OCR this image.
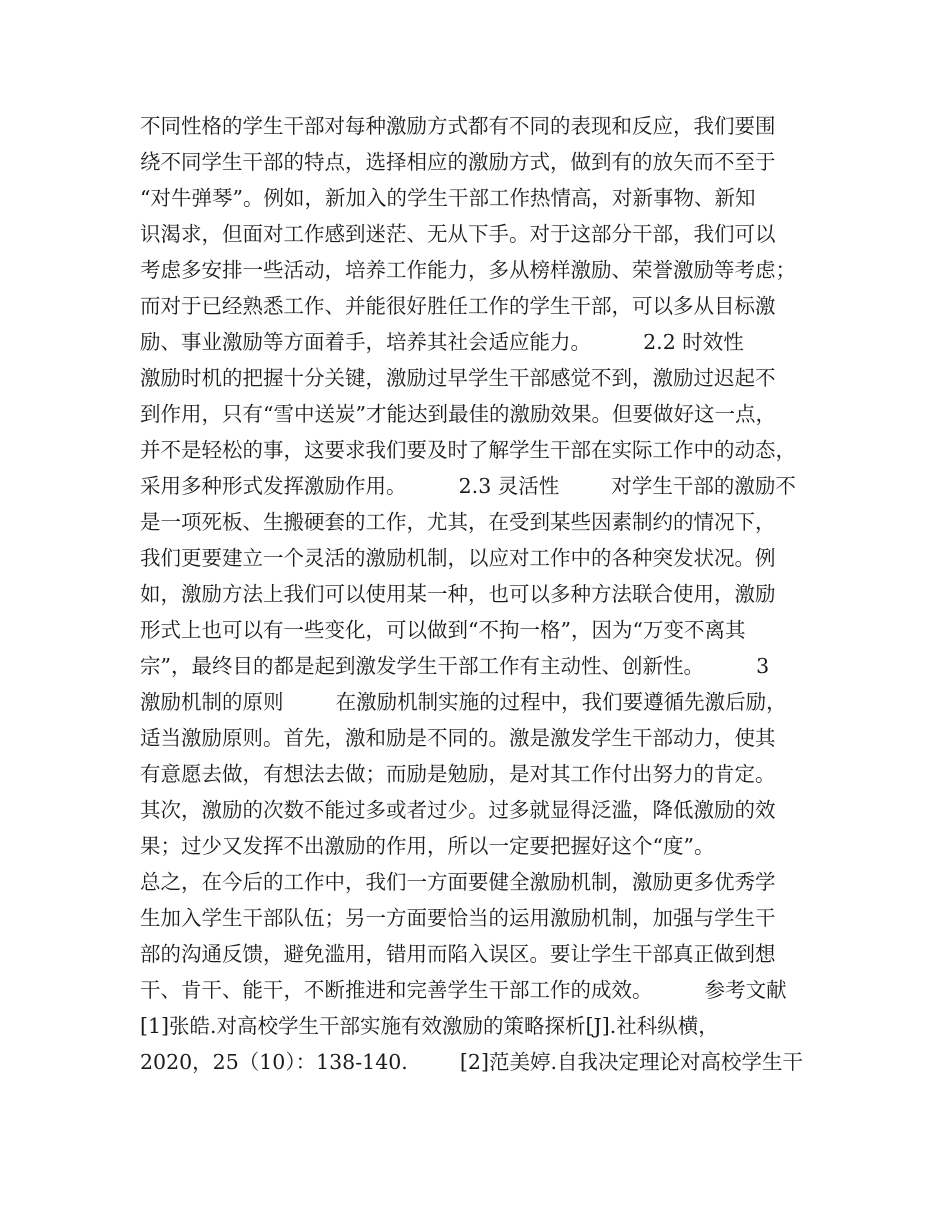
不同性格的学生干部对每种激励方式都有不同的表现和反应，我们要围
绕不同学生干部的特点，选择相应的激励方式，做到有的放矢而不至于
“对牛弹琴”。例如，新加入的学生干部工作热情高，对新事物、新知
识渴求，但面对工作感到迷茫、无从下手。对于这部分干部，我们可以
考虑多安排一些活动，培养工作能力，多从榜样激励、荣誉激励等考虑；
而对于已经熟悉工作、并能很好胜任工作的学生干部，可以多从目标激
励、事业激励等方面着手，培养其社会适应能力。        2.2 时效性
激励时机的把握十分关键，激励过早学生干部感觉不到，激励过迟起不
到作用，只有“雪中送炭”才能达到最佳的激励效果。但要做好这一点，
并不是轻松的事，这要求我们要及时了解学生干部在实际工作中的动态，
采用多种形式发挥激励作用。        2.3 灵活性        对学生干部的激励不
是一项死板、生搬硬套的工作，尤其，在受到某些因素制约的情况下，
我们更要建立一个灵活的激励机制，以应对工作中的各种突发状况。例
如，激励方法上我们可以使用某一种，也可以多种方法联合使用，激励
形式上也可以有一些变化，可以做到“不拘一格”，因为“万变不离其
宗”，最终目的都是起到激发学生干部工作有主动性、创新性。        3
激励机制的原则        在激励机制实施的过程中，我们要遵循先激后励，
适当激励原则。首先，激和励是不同的。激是激发学生干部动力，使其
有意愿去做，有想法去做；而励是勉励，是对其工作付出努力的肯定。
其次，激励的次数不能过多或者过少。过多就显得泛滥，降低激励的效
果；过少又发挥不出激励的作用，所以一定要把握好这个“度”。
总之，在今后的工作中，我们一方面要健全激励机制，激励更多优秀学
生加入学生干部队伍；另一方面要恰当的运用激励机制，加强与学生干
部的沟通反馈，避免滥用，错用而陷入误区。要让学生干部真正做到想
干、肯干、能干，不断推进和完善学生干部工作的成效。        参考文献
[1]张皓.对高校学生干部实施有效激励的策略探析[J].社科纵横，
2020，25（10）：138-140.        [2]范美婷.自我决定理论对高校学生干
